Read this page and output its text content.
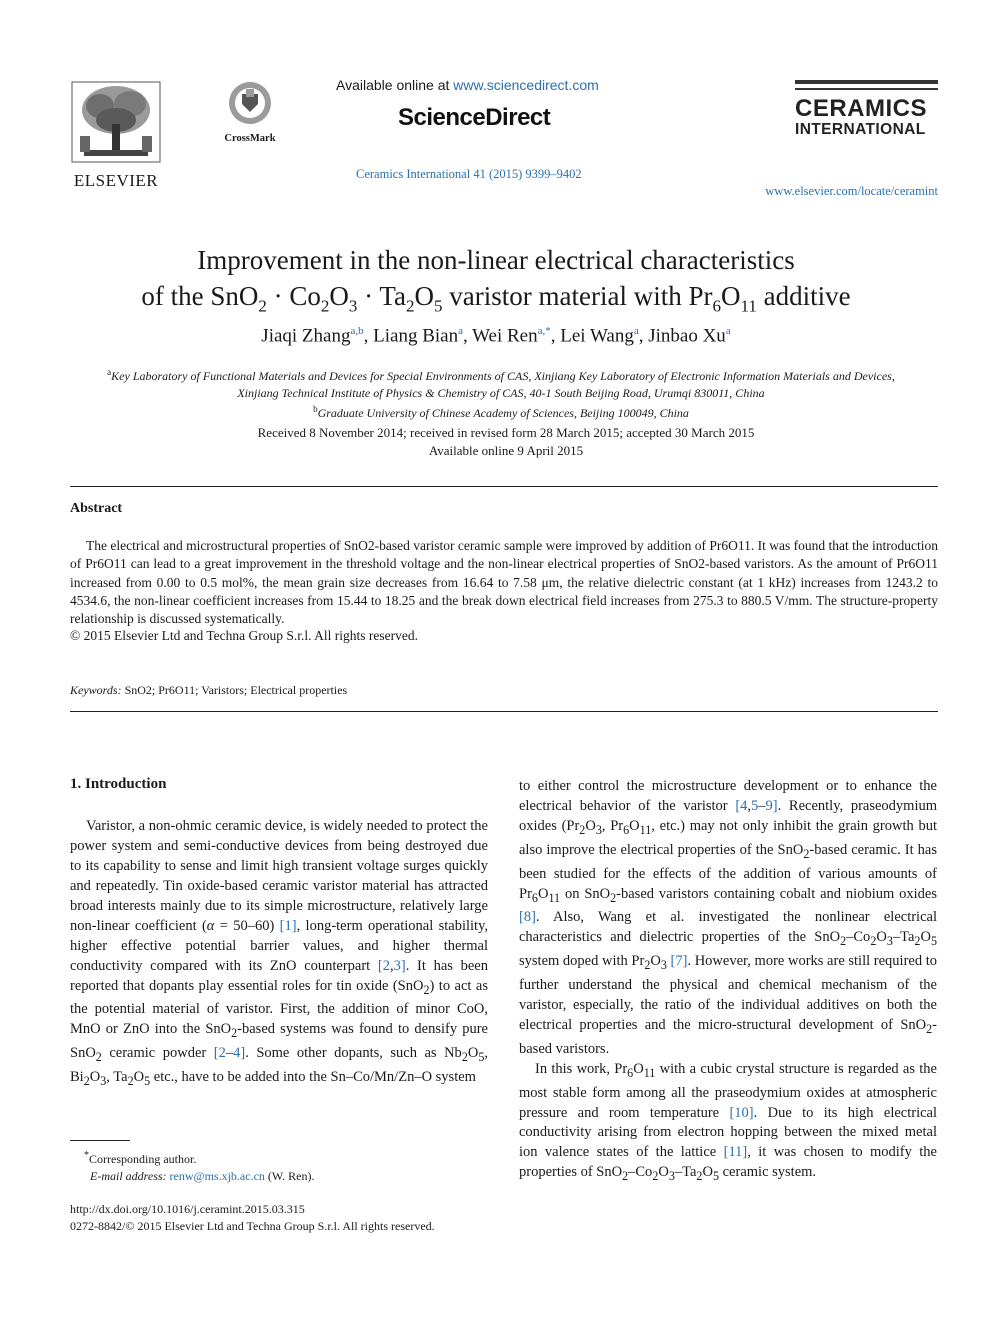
ELSEVIER
CrossMark
Available online at www.sciencedirect.com
ScienceDirect
Ceramics International 41 (2015) 9399–9402
CERAMICS
INTERNATIONAL
www.elsevier.com/locate/ceramint
Improvement in the non-linear electrical characteristics
of the $SnO_2 \cdot Co_2O_3 \cdot Ta_2O_5$ varistor material with $Pr_6O_{11}$ additive
Jiaqi Zhang$^{a,b}$, Liang Bian$^a$, Wei Ren$^{a,*}$, Lei Wang$^a$, Jinbao Xu$^a$
$^a$Key Laboratory of Functional Materials and Devices for Special Environments of CAS, Xinjiang Key Laboratory of Electronic Information Materials and Devices,
Xinjiang Technical Institute of Physics & Chemistry of CAS, 40-1 South Beijing Road, Urumqi 830011, China
$^b$Graduate University of Chinese Academy of Sciences, Beijing 100049, China
Received 8 November 2014; received in revised form 28 March 2015; accepted 30 March 2015
Available online 9 April 2015
Abstract
The electrical and microstructural properties of SnO2-based varistor ceramic sample were improved by addition of Pr6O11. It was found that the introduction of Pr6O11 can lead to a great improvement in the threshold voltage and the non-linear electrical properties of SnO2-based varistors. As the amount of Pr6O11 increased from 0.00 to 0.5 mol%, the mean grain size decreases from 16.64 to 7.58 μm, the relative dielectric constant (at 1 kHz) increases from 1243.2 to 4534.6, the non-linear coefficient increases from 15.44 to 18.25 and the break down electrical field increases from 275.3 to 880.5 V/mm. The structure-property relationship is discussed systematically.
© 2015 Elsevier Ltd and Techna Group S.r.l. All rights reserved.
Keywords: SnO2; Pr6O11; Varistors; Electrical properties
1. Introduction

Varistor, a non-ohmic ceramic device, is widely needed to protect the power system and semi-conductive devices from being destroyed due to its capability to sense and limit high transient voltage surges quickly and repeatedly. Tin oxide-based ceramic varistor material has attracted broad interests mainly due to its simple microstructure, relatively large non-linear coefficient (α = 50–60) [1], long-term operational stability, higher effective potential barrier values, and higher thermal conductivity compared with its ZnO counterpart [2,3]. It has been reported that dopants play essential roles for tin oxide (SnO$_2$) to act as the potential material of varistor. First, the addition of minor CoO, MnO or ZnO into the SnO$_2$-based systems was found to densify pure SnO$_2$ ceramic powder [2–4]. Some other dopants, such as $Nb_2O_5$, $Bi_2O_3$, $Ta_2O_5$ etc., have to be added into the Sn–Co/Mn/Zn–O system

to either control the microstructure development or to enhance the electrical behavior of the varistor [4,5–9]. Recently, praseodymium oxides ($Pr_2O_3$, $Pr_6O_{11}$, etc.) may not only inhibit the grain growth but also improve the electrical properties of the SnO$_2$-based ceramic. It has been studied for the effects of the addition of various amounts of $Pr_6O_{11}$ on SnO$_2$-based varistors containing cobalt and niobium oxides [8]. Also, Wang et al. investigated the nonlinear electrical characteristics and dielectric properties of the $SnO_2-Co_2O_3-Ta_2O_5$ system doped with $Pr_2O_3$ [7]. However, more works are still required to further understand the physical and chemical mechanism of the varistor, especially, the ratio of the individual additives on both the electrical properties and the micro-structural development of SnO$_2$-based varistors.

In this work, $Pr_6O_{11}$ with a cubic crystal structure is regarded as the most stable form among all the praseodymium oxides at atmospheric pressure and room temperature [10]. Due to its high electrical conductivity arising from electron hopping between the mixed metal ion valence states of the lattice [11], it was chosen to modify the properties of $SnO_2-Co_2O_3-Ta_2O_5$ ceramic system.

*Corresponding author.
E-mail address: renw@ms.xjb.ac.cn (W. Ren).
http://dx.doi.org/10.1016/j.ceramint.2015.03.315
0272-8842/© 2015 Elsevier Ltd and Techna Group S.r.l. All rights reserved.
